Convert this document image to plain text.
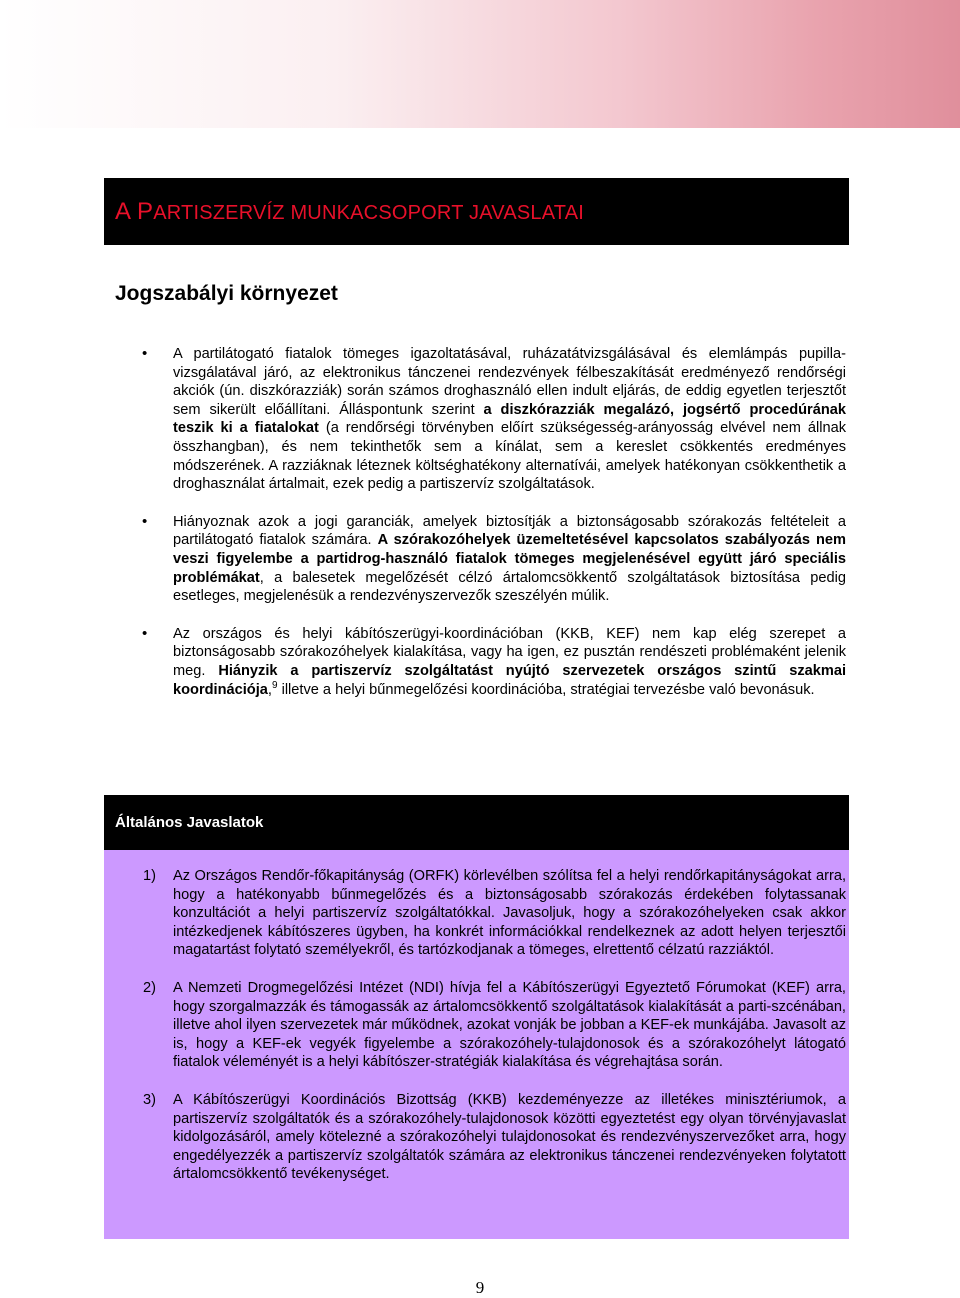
A PARTISZERVÍZ MUNKACSOPORT JAVASLATAI
Jogszabályi környezet
• A partilátogató fiatalok tömeges igazoltatásával, ruházatátvizsgálásával és elemlámpás pupilla-vizsgálatával járó, az elektronikus tánczenei rendezvények félbeszakítását eredményező rendőrségi akciók (ún. diszkórazziák) során számos droghasználó ellen indult eljárás, de eddig egyetlen terjesztőt sem sikerült előállítani. Álláspontunk szerint a diszkórazziák megalázó, jogsértő procedúrának teszik ki a fiatalokat (a rendőrségi törvényben előírt szükségesség-arányosság elvével nem állnak összhangban), és nem tekinthetők sem a kínálat, sem a kereslet csökkentés eredményes módszerének. A razziáknak léteznek költséghatékony alternatívái, amelyek hatékonyan csökkenthetik a droghasználat ártalmait, ezek pedig a partiszervíz szolgáltatások.
• Hiányoznak azok a jogi garanciák, amelyek biztosítják a biztonságosabb szórakozás feltételeit a partilátogató fiatalok számára. A szórakozóhelyek üzemeltetésével kapcsolatos szabályozás nem veszi figyelembe a partidrog-használó fiatalok tömeges megjelenésével együtt járó speciális problémákat, a balesetek megelőzését célzó ártalomcsökkentő szolgáltatások biztosítása pedig esetleges, megjelenésük a rendezvényszervezők szeszélyén múlik.
• Az országos és helyi kábítószerügyi-koordinációban (KKB, KEF) nem kap elég szerepet a biztonságosabb szórakozóhelyek kialakítása, vagy ha igen, ez pusztán rendészeti problémaként jelenik meg. Hiányzik a partiszervíz szolgáltatást nyújtó szervezetek országos szintű szakmai koordinációja,$^9$ illetve a helyi bűnmegelőzési koordinációba, stratégiai tervezésbe való bevonásuk.
Általános Javaslatok
1) Az Országos Rendőr-főkapitányság (ORFK) körlevélben szólítsa fel a helyi rendőrkapitányságokat arra, hogy a hatékonyabb bűnmegelőzés és a biztonságosabb szórakozás érdekében folytassanak konzultációt a helyi partiszervíz szolgáltatókkal. Javasoljuk, hogy a szórakozóhelyeken csak akkor intézkedjenek kábítószeres ügyben, ha konkrét információkkal rendelkeznek az adott helyen terjesztői magatartást folytató személyekről, és tartózkodjanak a tömeges, elrettentő célzatú razziáktól.
2) A Nemzeti Drogmegelőzési Intézet (NDI) hívja fel a Kábítószerügyi Egyeztető Fórumokat (KEF) arra, hogy szorgalmazzák és támogassák az ártalomcsökkentő szolgáltatások kialakítását a parti-szcénában, illetve ahol ilyen szervezetek már működnek, azokat vonják be jobban a KEF-ek munkájába. Javasolt az is, hogy a KEF-ek vegyék figyelembe a szórakozóhely-tulajdonosok és a szórakozóhelyt látogató fiatalok véleményét is a helyi kábítószer-stratégiák kialakítása és végrehajtása során.
3) A Kábítószerügyi Koordinációs Bizottság (KKB) kezdeményezze az illetékes minisztériumok, a partiszervíz szolgáltatók és a szórakozóhely-tulajdonosok közötti egyeztetést egy olyan törvényjavaslat kidolgozásáról, amely kötelezné a szórakozóhelyi tulajdonosokat és rendezvényszervezőket arra, hogy engedélyezzék a partiszervíz szolgáltatók számára az elektronikus tánczenei rendezvényeken folytatott ártalomcsökkentő tevékenységet.
9
